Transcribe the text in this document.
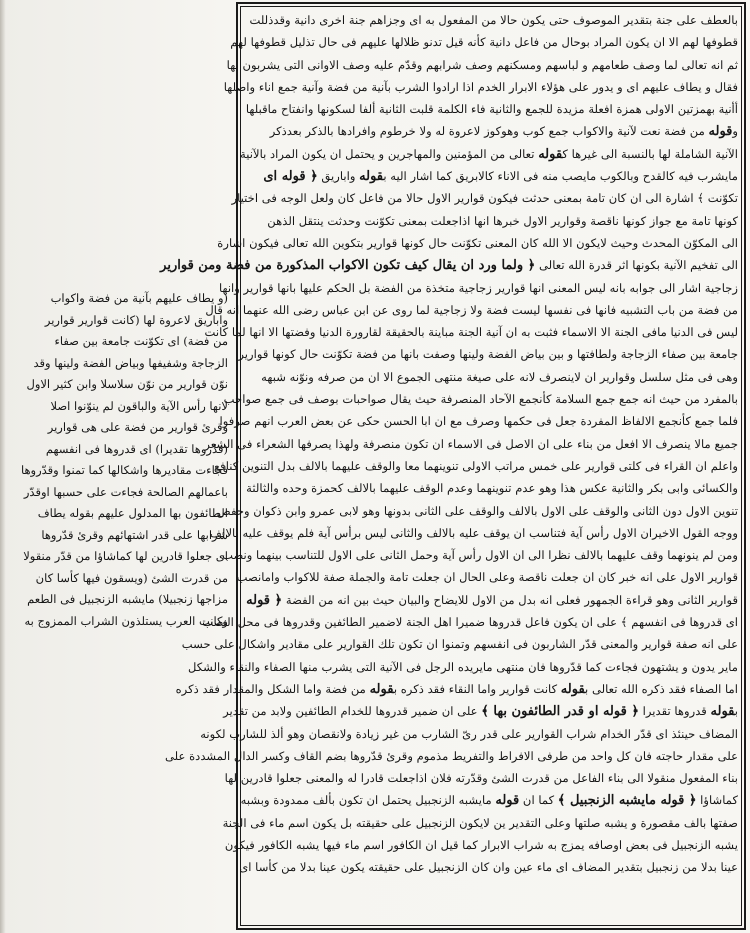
(و يطاف عليهم بآنية من فضة واكواب
واباريق لاعروة لها (كانت قوارير قوارير
من فضة) اى تكوّنت جامعة بين صفاء
الزجاجة وشفيفها وبياض الفضة ولينها وقد
نوّن قوارير من نوّن سلاسلا وابن كثير الاول
لانها رأس الآية والباقون لم ينوّنوا اصلا
وقرئ قوارير من فضة على هى قوارير
(قدّروها تقديرا) اى قدروها فى انفسهم
فجاءت مقاديرها واشكالها كما تمنوا وقدّروها
باعمالهم الصالحة فجاءت على حسبها اوقدّر
الطائفون بها المدلول عليهم بقوله يطاف
شرابها على قدر اشتهائهم وقرئ قدّروها
اى جعلوا قادرين لها كماشاؤا من قدّر منقولا
من قدرت الشئ (ويسقون فيها كأسا كان
مزاجها زنجبيلا) مايشبه الزنجبيل فى الطعم
وكانت العرب يستلذون الشراب الممزوج به
بالعطف على جنة بتقدير الموصوف حتى يكون حالا من المفعول به اى وجزاهم جنة اخرى دانية وقدذللت
قطوفها لهم الا ان يكون المراد بوحال من فاعل دانية كأنه قيل تدنو ظلالها عليهم فى حال تذليل قطوفها لهم
ثم انه تعالى لما وصف طعامهم و لباسهم ومسكنهم وصف شرابهم وقدّم عليه وصف الاوانى التى يشربون بها
فقال و يطاف عليهم اى و يدور على هؤلاء الابرار الخدم اذا ارادوا الشرب بآنية من فضة وآنية جمع اناء واصلها
أأنية بهمزتين الاولى همزة افعلة مزيدة للجمع والثانية فاء الكلمة قلبت الثانية ألفا لسكونها وانفتاح ماقبلها
وقوله من فضة نعت لآنية والاكواب جمع كوب وهوكوز لاعروة له ولا خرطوم وافرادها بالذكر بعدذكر
الآنية الشاملة لها بالنسبة الى غيرها كقوله تعالى من المؤمنين والمهاجرين و يحتمل ان يكون المراد بالآنية
مايشرب فيه كالقدح وبالكوب مايصب منه فى الاناء كالابريق كما اشار اليه بقوله واباريق ﴿ قوله اى
تكوّنت ﴾ اشارة الى ان كان تامة بمعنى حدثت فيكون قوارير الاول حالا من فاعل كان ولعل الوجه فى اختيار
كونها تامة مع جواز كونها ناقصة وقوارير الاول خبرها انها اذاجعلت بمعنى تكوّنت وحدثت ينتقل الذهن
الى المكوّن المحدث وحيث لايكون الا الله كان المعنى تكوّنت حال كونها قوارير بتكوين الله تعالى فيكون اشارة
الى تفخيم الآنية بكونها اثر قدرة الله تعالى ﴿ ولما ورد ان يقال كيف تكون الاكواب المذكورة من فضة ومن قوارير
زجاجية اشار الى جوابه بانه ليس المعنى انها قوارير زجاجية متخذة من الفضة بل الحكم عليها بانها قوارير وانها
من فضة من باب التشبيه فانها فى نفسها ليست فضة ولا زجاجية لما روى عن ابن عباس رضى الله عنهما انه قال
ليس فى الدنيا مافى الجنة الا الاسماء فثبت به ان آنية الجنة مباينة بالحقيقة لقارورة الدنيا وفضتها الا انها لما كانت
جامعة بين صفاء الزجاجة ولطافتها و بين بياض الفضة ولينها وصفت بانها من فضة تكوّنت حال كونها قوارير
وهى فى مثل سلسل وقوارير ان لاينصرف لانه على صيغة منتهى الجموع الا ان من صرفه ونوّنه شبهه
بالمفرد من حيث انه جمع جمع السلامة كأنجمع الآحاد المنصرفة حيث يقال صواحبات بوصف فى جمع صواحب
فلما جمع كأنجمع الالفاظ المفردة جعل فى حكمها وصرف مع ان ابا الحسن حكى عن بعض العرب انهم صرفوا
جميع مالا ينصرف الا افعل من بناء على ان الاصل فى الاسماء ان تكون منصرفة ولهذا يصرفها الشعراء فى الشعر
واعلم ان القراء فى كلتى قوارير على خمس مراتب الاولى تنوينهما معا والوقف عليهما بالالف بدل التنوين كنافع
والكسائى وابى بكر والثانية عكس هذا وهو عدم تنوينهما وعدم الوقف عليهما بالالف كحمزة وحده والثالثة
تنوين الاول دون الثانى والوقف على الاول بالالف والوقف على الثانى بدونها وهو لابى عمرو وابن ذكوان وحفص
ووجه القول الاخيران الاول رأس آية فتناسب ان يوقف عليه بالالف والثانى ليس برأس آية فلم يوقف عليه بالالف
ومن لم ينونهما وقف عليهما بالالف نظرا الى ان الاول رأس آية وحمل الثانى على الاول للتناسب بينهما ونصب
قوارير الاول على انه خبر كان ان جعلت ناقصة وعلى الحال ان جعلت تامة والجملة صفة للاكواب وامانصب
قوارير الثانى وهو قراءة الجمهور فعلى انه بدل من الاول للايضاح والبيان حيث بين انه من الفضة ﴿ قوله
اى قدروها فى انفسهم ﴾ على ان يكون فاعل قدروها ضميرا اهل الجنة لاضمير الطائفين وقدروها فى محل النصب
على انه صفة قوارير والمعنى قدّر الشاربون فى انفسهم وتمنوا ان تكون تلك القوارير على مقادير واشكال على حسب
ماير يدون و يشتهون فجاءت كما قدّروها فان منتهى مايريده الرجل فى الآنية التى يشرب منها الصفاء والنقاء والشكل
اما الصفاء فقد ذكره الله تعالى بقوله كانت قوارير واما النقاء فقد ذكره بقوله من فضة واما الشكل والمقدار فقد ذكره
بقوله قدروها تقديرا ﴿ قوله او قدر الطائفون بها ﴾ على ان ضمير قدروها للخدام الطائفين ولابد من تقدير
المضاف حينئذ اى قدّر الخدام شراب القوارير على قدر رىّ الشارب من غير زيادة ولانقصان وهو ألذ للشارب لكونه
على مقدار حاجته فان كل واحد من طرفى الافراط والتفريط مذموم وقرئ قدّروها بضم القاف وكسر الدال المشددة على
بناء المفعول منقولا الى بناء الفاعل من قدرت الشئ وقدّرته فلان اذاجعلت قادرا له والمعنى جعلوا قادرين لها
كماشاؤا ﴿ قوله مايشبه الزنجبيل ﴾ كما ان قوله مايشبه الزنجبيل يحتمل ان تكون بألف ممدودة وبشبه
صفتها بالف مقصورة و يشبه صلتها وعلى التقدير ين لايكون الزنجبيل على حقيقته بل يكون اسم ماء فى الجنة
يشبه الزنجبيل فى بعض اوصافه يمزج به شراب الابرار كما قيل ان الكافور اسم ماء فيها يشبه الكافور فيكون
عينا بدلا من زنجبيل بتقدير المضاف اى ماء عين وان كان الزنجبيل على حقيقته يكون عينا بدلا من كأسا اى
